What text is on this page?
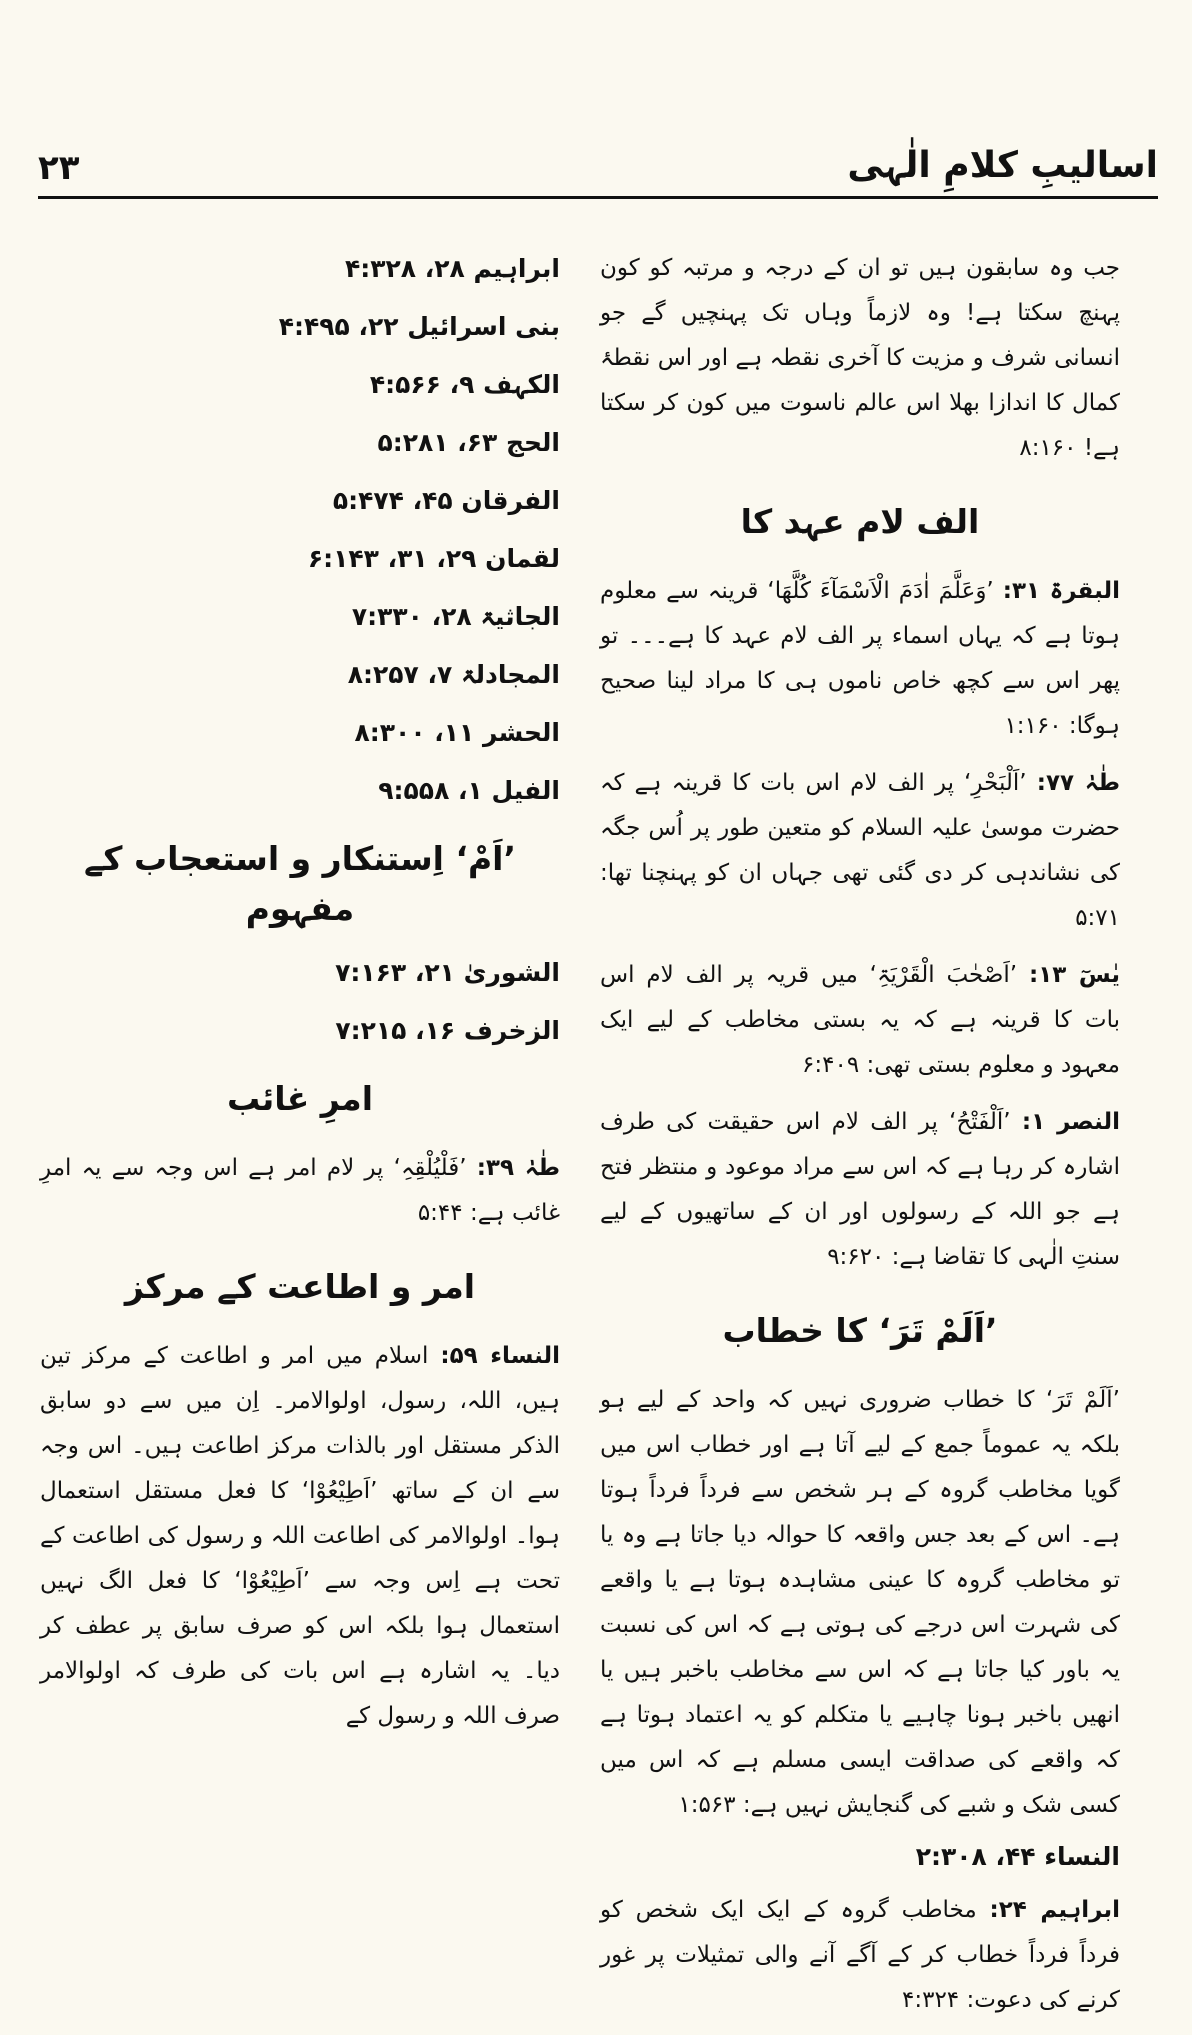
۲۳	اسالیبِ کلامِ الٰہی

جب وہ سابقون ہیں تو ان کے درجہ و مرتبہ کو کون پہنچ سکتا ہے! وہ لازماً وہاں تک پہنچیں گے جو انسانی شرف و مزیت کا آخری نقطہ ہے اور اس نقطۂ کمال کا اندازا بھلا اس عالم ناسوت میں کون کر سکتا ہے! ۸:۱۶۰

الف لام عہد کا

البقرۃ ۳۱: ’وَعَلَّمَ اٰدَمَ الْاَسْمَآءَ کُلَّھَا‘ قرینہ سے معلوم ہوتا ہے کہ یہاں اسماء پر الف لام عہد کا ہے۔۔۔ تو پھر اس سے کچھ خاص ناموں ہی کا مراد لینا صحیح ہوگا: ۱:۱۶۰

طٰہٰ ۷۷: ’اَلْبَحْرِ‘ پر الف لام اس بات کا قرینہ ہے کہ حضرت موسیٰ علیہ السلام کو متعین طور پر اُس جگہ کی نشاندہی کر دی گئی تھی جہاں ان کو پہنچنا تھا: ۵:۷۱

یٰسٓ ۱۳: ’اَصْحٰبَ الْقَرْیَۃِ‘ میں قریہ پر الف لام اس بات کا قرینہ ہے کہ یہ بستی مخاطب کے لیے ایک معہود و معلوم بستی تھی: ۶:۴۰۹

النصر ۱: ’اَلْفَتْحُ‘ پر الف لام اس حقیقت کی طرف اشارہ کر رہا ہے کہ اس سے مراد موعود و منتظر فتح ہے جو اللہ کے رسولوں اور ان کے ساتھیوں کے لیے سنتِ الٰہی کا تقاضا ہے: ۹:۶۲۰

’اَلَمْ تَرَ‘ کا خطاب

’اَلَمْ تَرَ‘ کا خطاب ضروری نہیں کہ واحد کے لیے ہو بلکہ یہ عموماً جمع کے لیے آتا ہے اور خطاب اس میں گویا مخاطب گروہ کے ہر شخص سے فرداً فرداً ہوتا ہے۔ اس کے بعد جس واقعہ کا حوالہ دیا جاتا ہے وہ یا تو مخاطب گروہ کا عینی مشاہدہ ہوتا ہے یا واقعے کی شہرت اس درجے کی ہوتی ہے کہ اس کی نسبت یہ باور کیا جاتا ہے کہ اس سے مخاطب باخبر ہیں یا انھیں باخبر ہونا چاہیے یا متکلم کو یہ اعتماد ہوتا ہے کہ واقعے کی صداقت ایسی مسلم ہے کہ اس میں کسی شک و شبے کی گنجایش نہیں ہے: ۱:۵۶۳

النساء ۴۴، ۲:۳۰۸

ابراہیم ۲۴: مخاطب گروہ کے ایک ایک شخص کو فرداً فرداً خطاب کر کے آگے آنے والی تمثیلات پر غور کرنے کی دعوت: ۴:۳۲۴

ابراہیم ۲۸، ۴:۳۲۸
بنی اسرائیل ۲۲، ۴:۴۹۵
الکہف ۹، ۴:۵۶۶
الحج ۶۳، ۵:۲۸۱
الفرقان ۴۵، ۵:۴۷۴
لقمان ۲۹، ۳۱، ۶:۱۴۳
الجاثیۃ ۲۸، ۷:۳۳۰
المجادلۃ ۷، ۸:۲۵۷
الحشر ۱۱، ۸:۳۰۰
الفیل ۱، ۹:۵۵۸
’اَمْ‘ اِستنکار و استعجاب کے مفہوم
الشوریٰ ۲۱، ۷:۱۶۳
الزخرف ۱۶، ۷:۲۱۵
امرِ غائب

طٰہٰ ۳۹: ’فَلْیُلْقِہِ‘ پر لام امر ہے اس وجہ سے یہ امرِ غائب ہے: ۵:۴۴

امر و اطاعت کے مرکز

النساء ۵۹: اسلام میں امر و اطاعت کے مرکز تین ہیں، اللہ، رسول، اولوالامر۔ اِن میں سے دو سابق الذکر مستقل اور بالذات مرکز اطاعت ہیں۔ اس وجہ سے ان کے ساتھ ’اَطِیْعُوْا‘ کا فعل مستقل استعمال ہوا۔ اولوالامر کی اطاعت اللہ و رسول کی اطاعت کے تحت ہے اِس وجہ سے ’اَطِیْعُوْا‘ کا فعل الگ نہیں استعمال ہوا بلکہ اس کو صرف سابق پر عطف کر دیا۔ یہ اشارہ ہے اس بات کی طرف کہ اولوالامر صرف اللہ و رسول کے
